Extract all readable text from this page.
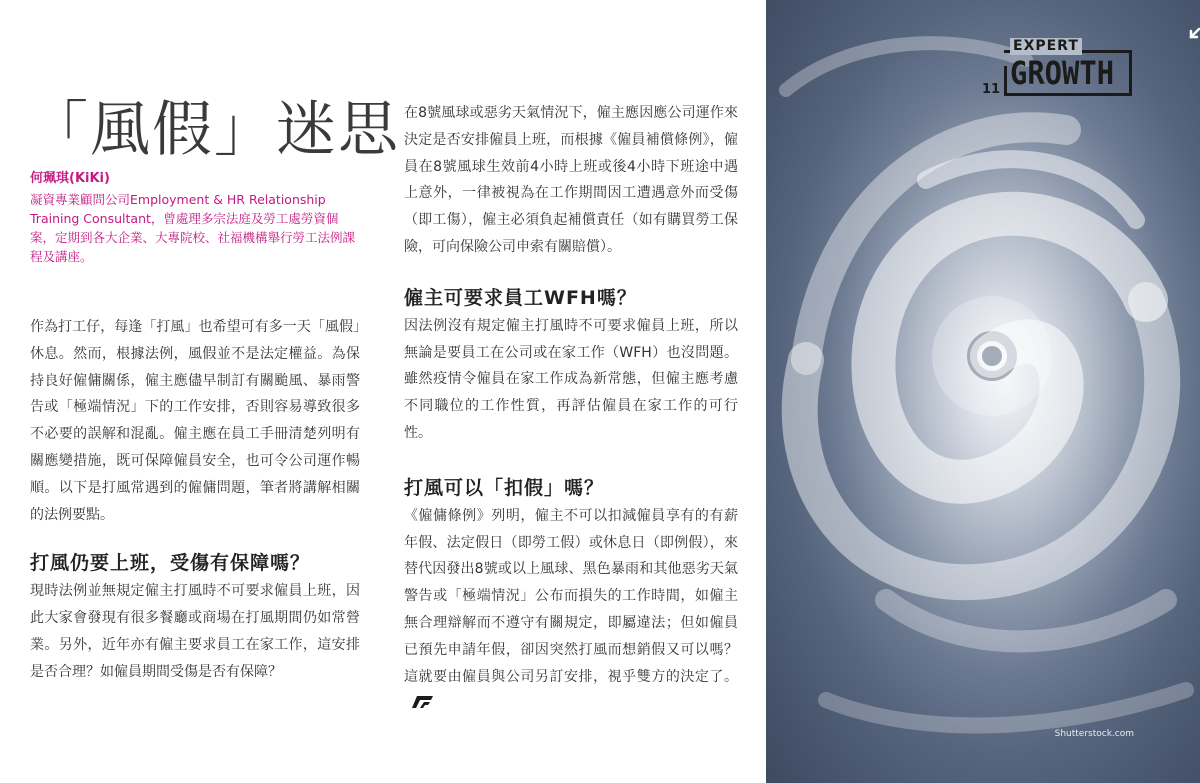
「風假」迷思
何珮琪(KiKi)
凝資專業顧問公司Employment & HR Relationship Training Consultant，曾處理多宗法庭及勞工處勞資個案，定期到各大企業、大專院校、社福機構舉行勞工法例課程及講座。

作為打工仔，每逢「打風」也希望可有多一天「風假」休息。然而，根據法例，風假並不是法定權益。為保持良好僱傭關係，僱主應儘早制訂有關颱風、暴雨警告或「極端情況」下的工作安排，否則容易導致很多不必要的誤解和混亂。僱主應在員工手冊清楚列明有關應變措施，既可保障僱員安全，也可令公司運作暢順。以下是打風常遇到的僱傭問題，筆者將講解相關的法例要點。

打風仍要上班，受傷有保障嗎？

現時法例並無規定僱主打風時不可要求僱員上班，因此大家會發現有很多餐廳或商場在打風期間仍如常營業。另外，近年亦有僱主要求員工在家工作，這安排是否合理？如僱員期間受傷是否有保障？

在8號風球或惡劣天氣情況下，僱主應因應公司運作來決定是否安排僱員上班，而根據《僱員補償條例》，僱員在8號風球生效前4小時上班或後4小時下班途中遇上意外，一律被視為在工作期間因工遭遇意外而受傷（即工傷），僱主必須負起補償責任（如有購買勞工保險，可向保險公司申索有關賠償）。

僱主可要求員工WFH嗎？

因法例沒有規定僱主打風時不可要求僱員上班，所以無論是要員工在公司或在家工作（WFH）也沒問題。雖然疫情令僱員在家工作成為新常態，但僱主應考慮不同職位的工作性質，再評估僱員在家工作的可行性。

打風可以「扣假」嗎？

《僱傭條例》列明，僱主不可以扣減僱員享有的有薪年假、法定假日（即勞工假）或休息日（即例假），來替代因發出8號或以上風球、黑色暴雨和其他惡劣天氣警告或「極端情況」公布而損失的工作時間，如僱主無合理辯解而不遵守有關規定，即屬違法；但如僱員已預先申請年假，卻因突然打風而想銷假又可以嗎？這就要由僱員與公司另訂安排，視乎雙方的決定了。

11
EXPERT
GROWTH
Shutterstock.com
